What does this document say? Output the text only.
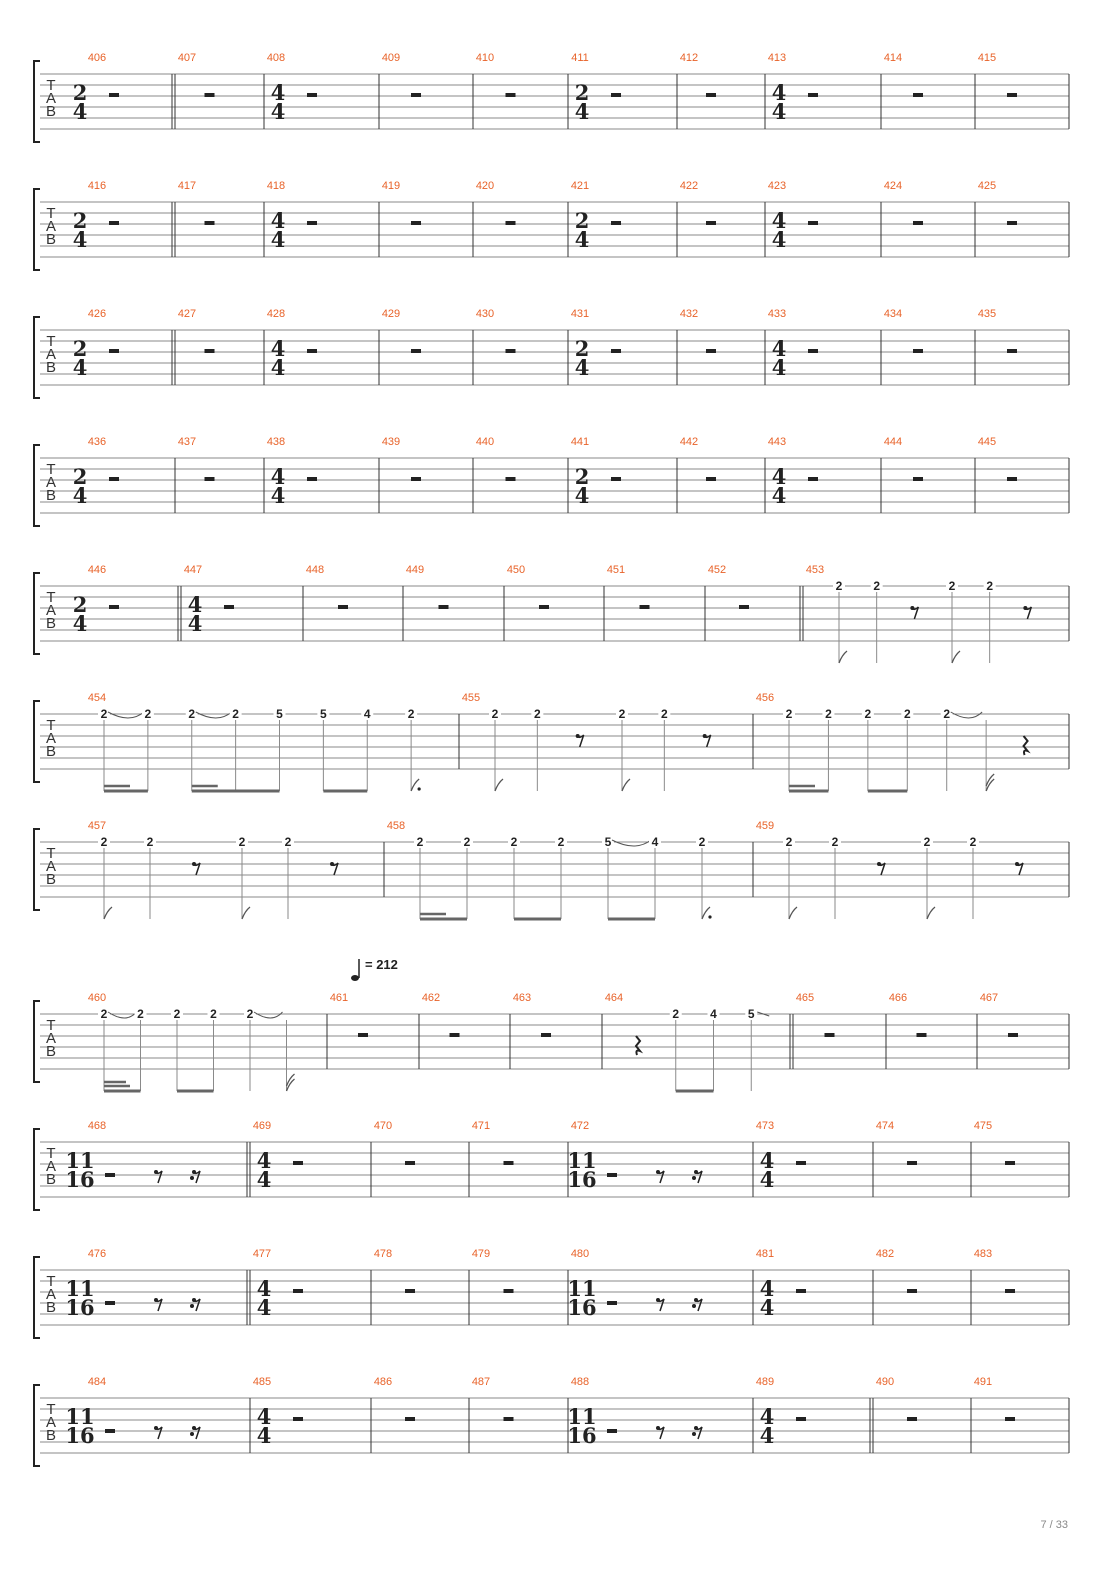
T
A
B
406
2
4
407	408
4
4
409	410	411
2
4
412	413
4
4
414	415
T
A
B
416
2
4
417	418
4
4
419	420	421
2
4
422	423
4
4
424	425
T
A
B
426
2
4
427	428
4
4
429	430	431
2
4
432	433
4
4
434	435
T
A
B
436
2
4
437	438
4
4
439	440	441
2
4
442	443
4
4
444	445
T
A
B
446
2
4
447
4
4
448	449	450	451	452	453
2	2	2	2
T
A
B
454
2	2	2	2	5	5	4	2
455
2	2	2	2
456
2	2	2	2	2
T
A
B
457
2	2	2	2
458
2	2	2	2	5	4	2
459
2	2	2	2
T
A
B
= 212
460
2 2 2 2 2
461	462	463	464
2	4	5
465	466	467
T
A
B
468
11
16
469
4
4
470	471	472
11
16
473
4
4
474	475
T
A
B
476
11
16
477
4
4
478	479	480
11
16
481
4
4
482	483
T
A
B
484
11
16
485
4
4
486	487	488
11
16
489
4
4
490	491
7 / 33
